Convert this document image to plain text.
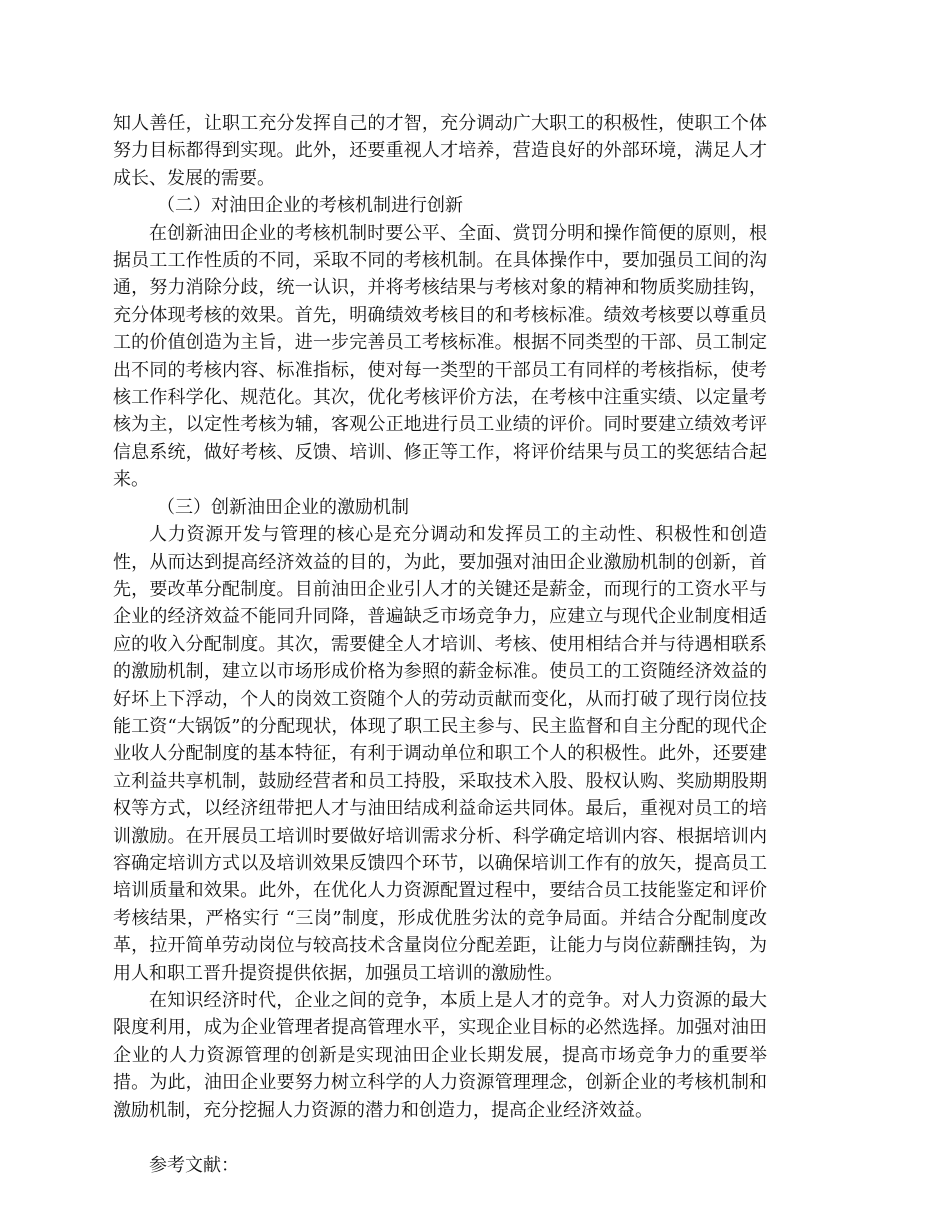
知人善任，让职工充分发挥自己的才智，充分调动广大职工的积极性，使职工个体努力目标都得到实现。此外，还要重视人才培养，营造良好的外部环境，满足人才成长、发展的需要。

（二）对油田企业的考核机制进行创新

在创新油田企业的考核机制时要公平、全面、赏罚分明和操作简便的原则，根据员工工作性质的不同，采取不同的考核机制。在具体操作中，要加强员工间的沟通，努力消除分歧，统一认识，并将考核结果与考核对象的精神和物质奖励挂钩，充分体现考核的效果。首先，明确绩效考核目的和考核标准。绩效考核要以尊重员工的价值创造为主旨，进一步完善员工考核标准。根据不同类型的干部、员工制定出不同的考核内容、标准指标，使对每一类型的干部员工有同样的考核指标，使考核工作科学化、规范化。其次，优化考核评价方法，在考核中注重实绩、以定量考核为主，以定性考核为辅，客观公正地进行员工业绩的评价。同时要建立绩效考评信息系统，做好考核、反馈、培训、修正等工作，将评价结果与员工的奖惩结合起来。

（三）创新油田企业的激励机制

人力资源开发与管理的核心是充分调动和发挥员工的主动性、积极性和创造性，从而达到提高经济效益的目的，为此，要加强对油田企业激励机制的创新，首先，要改革分配制度。目前油田企业引人才的关键还是薪金，而现行的工资水平与企业的经济效益不能同升同降，普遍缺乏市场竞争力，应建立与现代企业制度相适应的收入分配制度。其次，需要健全人才培训、考核、使用相结合并与待遇相联系的激励机制，建立以市场形成价格为参照的薪金标准。使员工的工资随经济效益的好坏上下浮动，个人的岗效工资随个人的劳动贡献而变化，从而打破了现行岗位技能工资“大锅饭”的分配现状，体现了职工民主参与、民主监督和自主分配的现代企业收人分配制度的基本特征，有利于调动单位和职工个人的积极性。此外，还要建立利益共享机制，鼓励经营者和员工持股，采取技术入股、股权认购、奖励期股期权等方式，以经济纽带把人才与油田结成利益命运共同体。最后，重视对员工的培训激励。在开展员工培训时要做好培训需求分析、科学确定培训内容、根据培训内容确定培训方式以及培训效果反馈四个环节，以确保培训工作有的放矢，提高员工培训质量和效果。此外，在优化人力资源配置过程中，要结合员工技能鉴定和评价考核结果，严格实行 “三岗”制度，形成优胜劣汰的竞争局面。并结合分配制度改革，拉开简单劳动岗位与较高技术含量岗位分配差距，让能力与岗位薪酬挂钩，为用人和职工晋升提资提供依据，加强员工培训的激励性。

在知识经济时代，企业之间的竞争，本质上是人才的竞争。对人力资源的最大限度利用，成为企业管理者提高管理水平，实现企业目标的必然选择。加强对油田企业的人力资源管理的创新是实现油田企业长期发展，提高市场竞争力的重要举措。为此，油田企业要努力树立科学的人力资源管理理念，创新企业的考核机制和激励机制，充分挖掘人力资源的潜力和创造力，提高企业经济效益。

参考文献：
